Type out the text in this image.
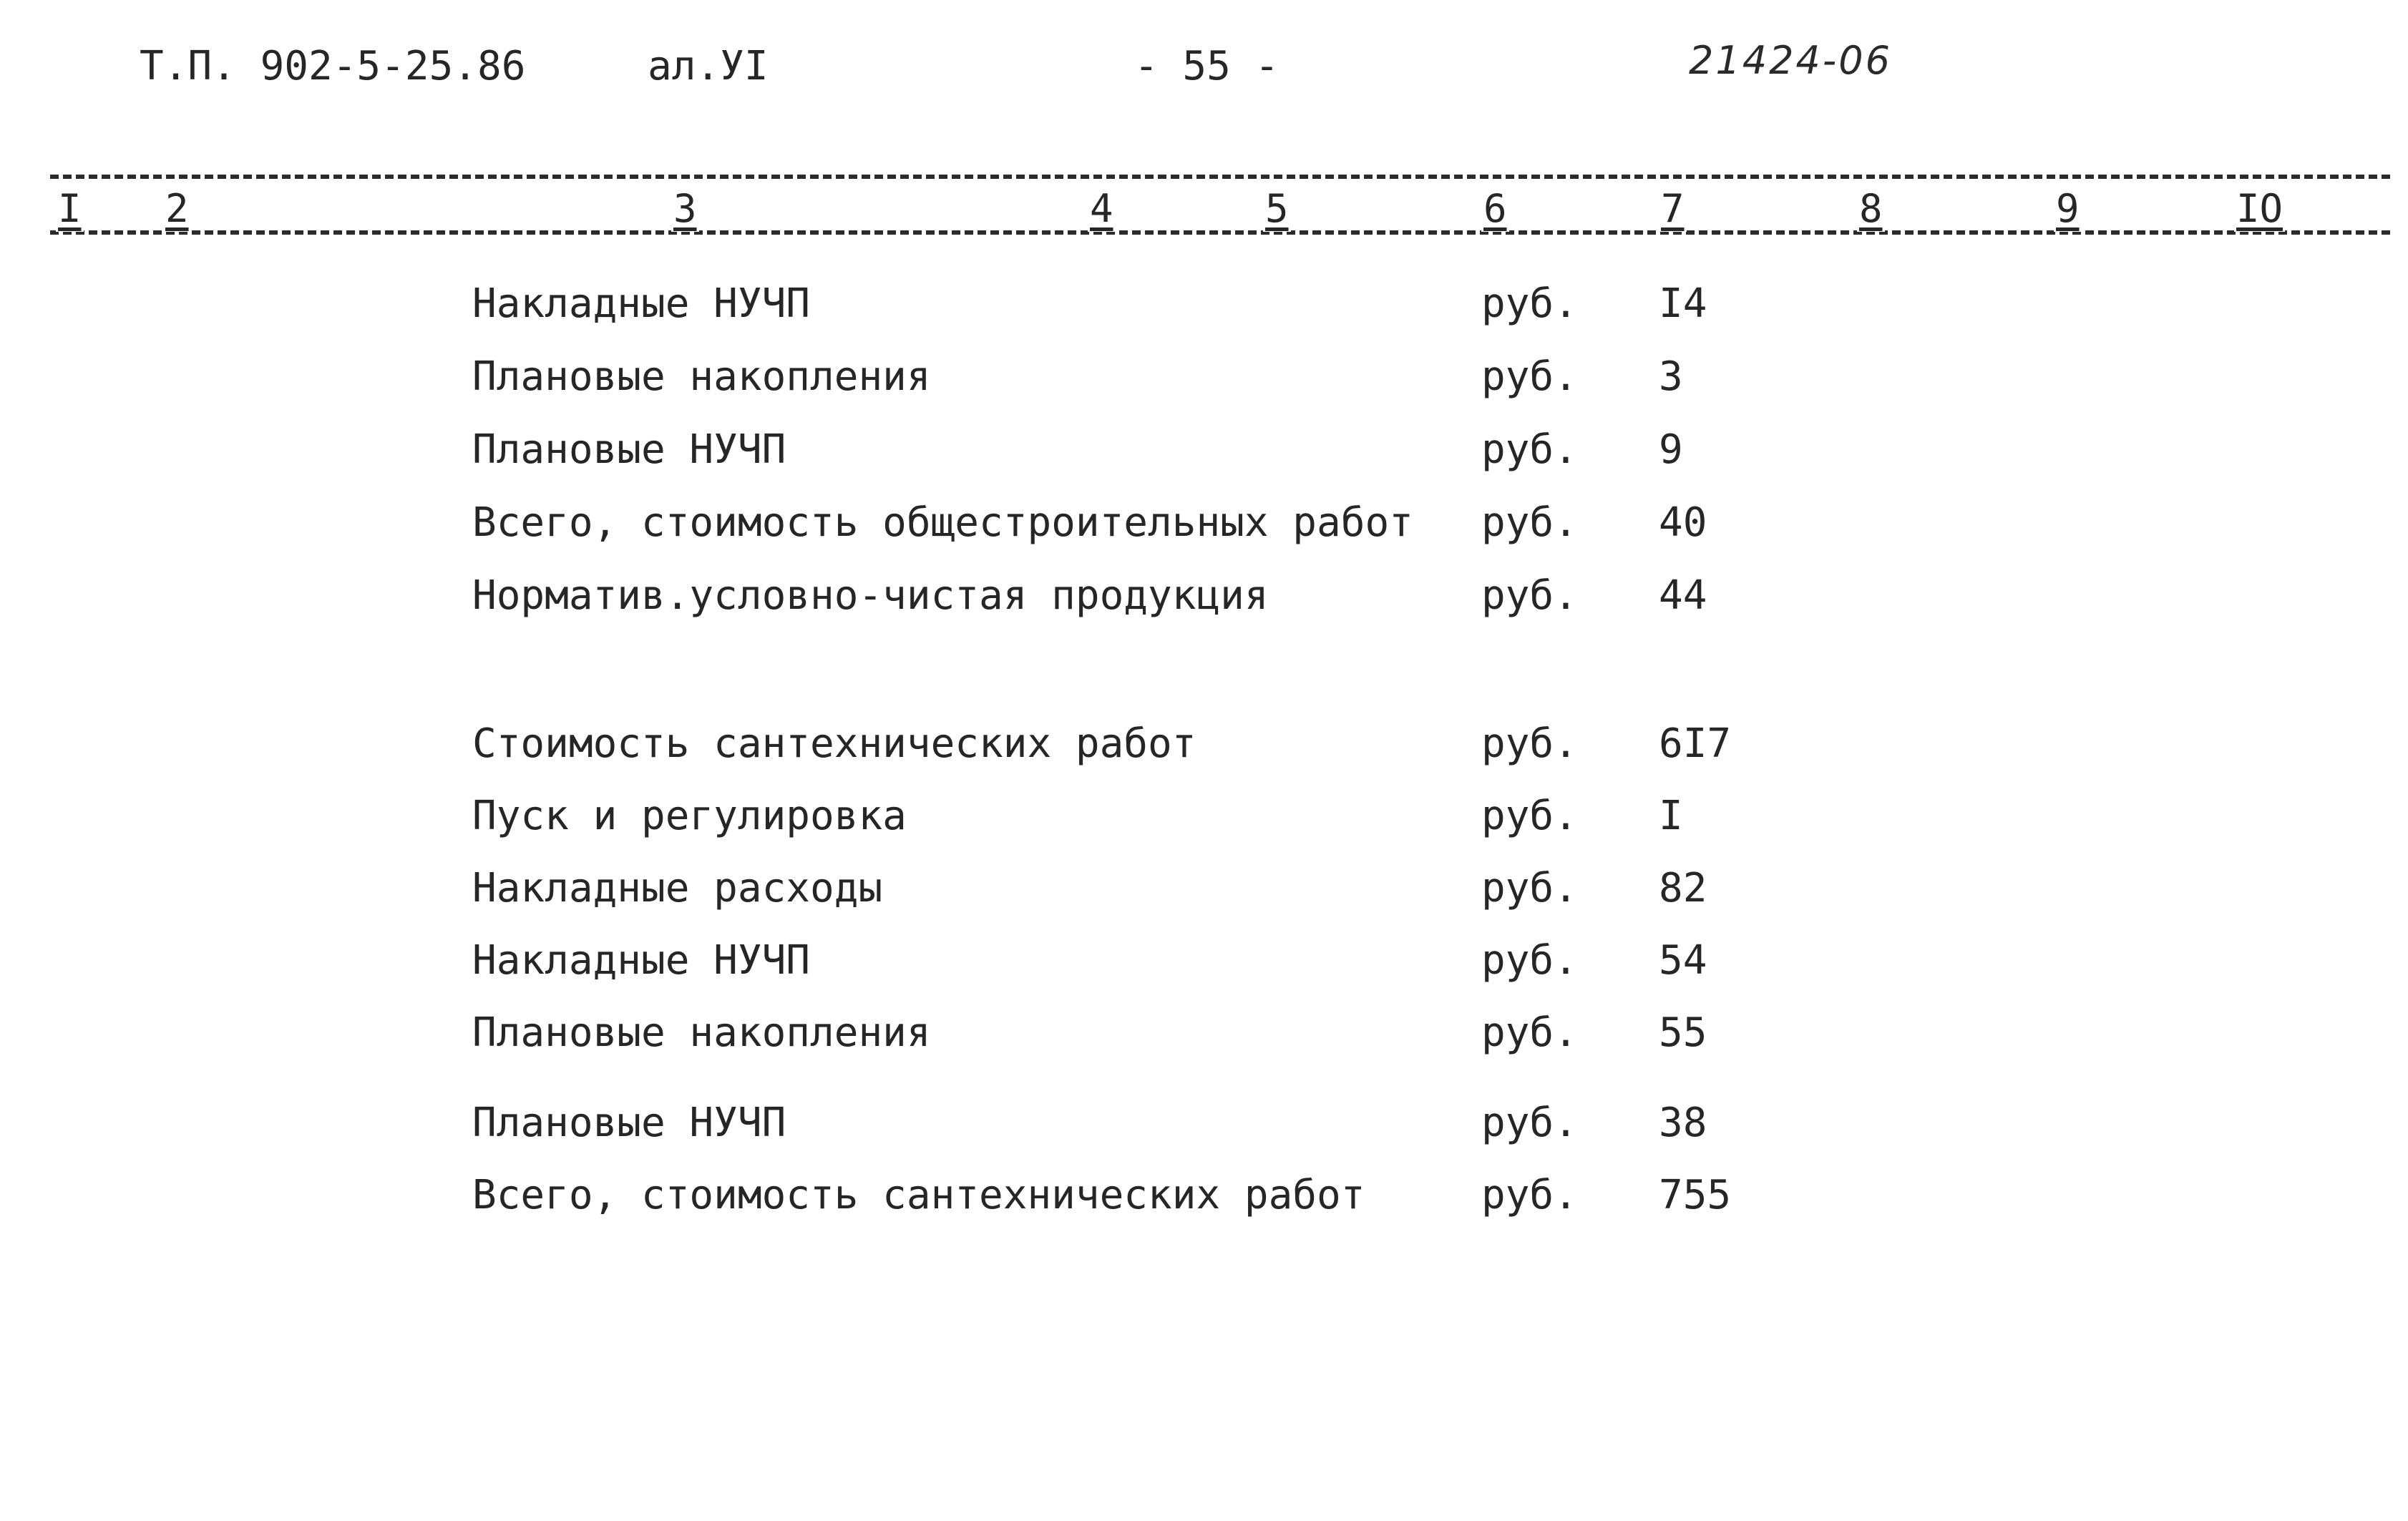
Т.П. 902-5-25.86	ал.УI	- 55 -	21424-06
I 2	3	4	5	6	7	8	9	IO
Накладные НУЧП	руб. I4
Плановые накопления	руб. 3
Плановые НУЧП	руб. 9
Всего, стоимость общестроительных работ руб. 40
Норматив.условно-чистая продукция	руб. 44
Стоимость сантехнических работ	руб. 6I7
Пуск и регулировка	руб. I
Накладные расходы	руб. 82
Накладные НУЧП	руб. 54
Плановые накопления	руб. 55
Плановые НУЧП	руб. 38
Всего, стоимость сантехнических работ	руб. 755
